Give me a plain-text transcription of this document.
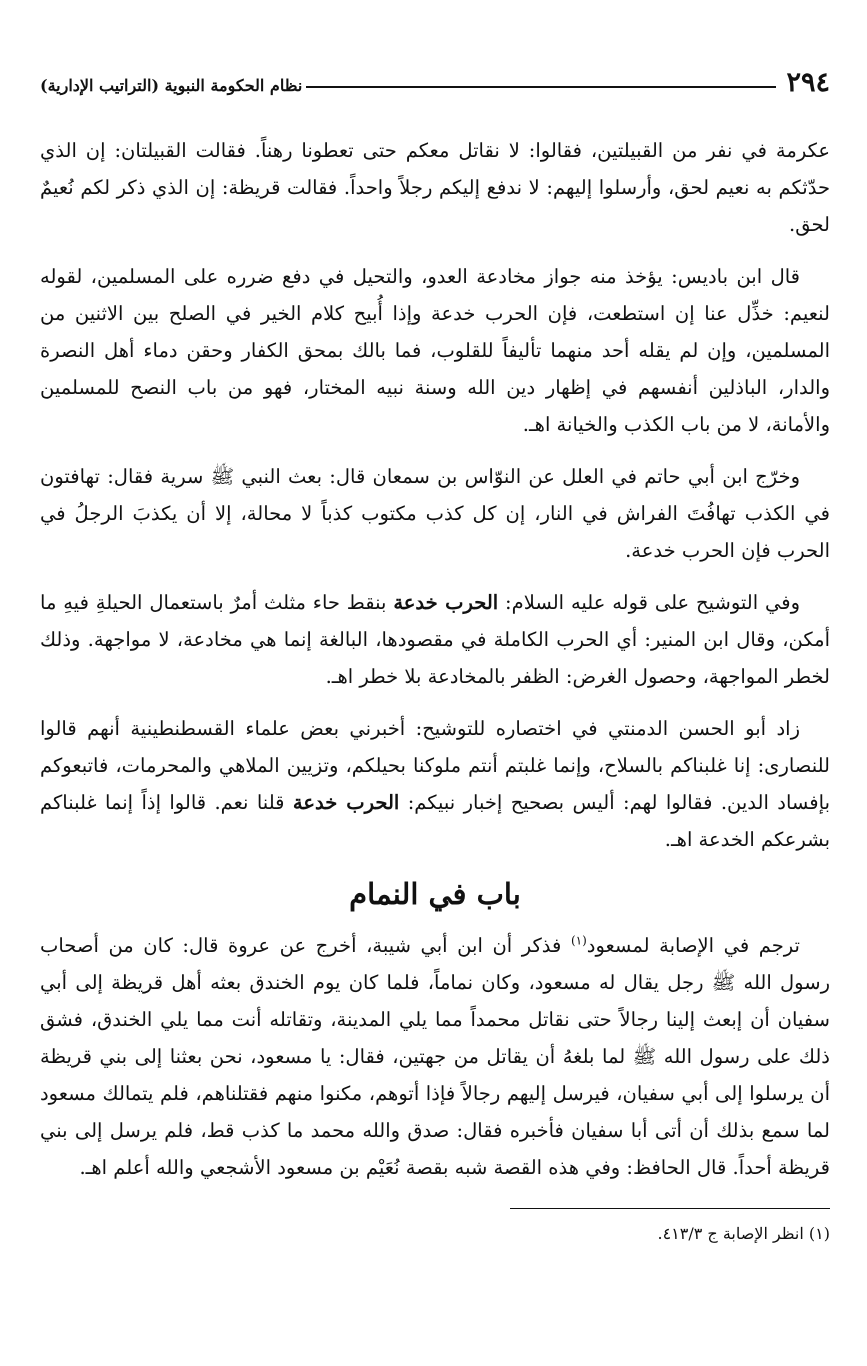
٢٩٤
نظام الحكومة النبوية (التراتيب الإدارية)

عكرمة في نفر من القبيلتين، فقالوا: لا نقاتل معكم حتى تعطونا رهناً. فقالت القبيلتان: إن الذي حدّثكم به نعيم لحق، وأرسلوا إليهم: لا ندفع إليكم رجلاً واحداً. فقالت قريظة: إن الذي ذكر لكم نُعيمٌ لحق.

قال ابن باديس: يؤخذ منه جواز مخادعة العدو، والتحيل في دفع ضرره على المسلمين، لقوله لنعيم: خذِّل عنا إن استطعت، فإن الحرب خدعة وإذا أُبيح كلام الخير في الصلح بين الاثنين من المسلمين، وإن لم يقله أحد منهما تأليفاً للقلوب، فما بالك بمحق الكفار وحقن دماء أهل النصرة والدار، الباذلين أنفسهم في إظهار دين الله وسنة نبيه المختار، فهو من باب النصح للمسلمين والأمانة، لا من باب الكذب والخيانة اهـ.

وخرّج ابن أبي حاتم في العلل عن النوّاس بن سمعان قال: بعث النبي ﷺ سرية فقال: تهافتون في الكذب تهافُتَ الفراش في النار، إن كل كذب مكتوب كذباً لا محالة، إلا أن يكذبَ الرجلُ في الحرب فإن الحرب خدعة.

وفي التوشيح على قوله عليه السلام: الحرب خدعة بنقط حاء مثلث أمرٌ باستعمال الحيلةِ فيهِ ما أمكن، وقال ابن المنير: أي الحرب الكاملة في مقصودها، البالغة إنما هي مخادعة، لا مواجهة. وذلك لخطر المواجهة، وحصول الغرض: الظفر بالمخادعة بلا خطر اهـ.

زاد أبو الحسن الدمنتي في اختصاره للتوشيح: أخبرني بعض علماء القسطنطينية أنهم قالوا للنصارى: إنا غلبناكم بالسلاح، وإنما غلبتم أنتم ملوكنا بحيلكم، وتزيين الملاهي والمحرمات، فاتبعوكم بإفساد الدين. فقالوا لهم: أليس بصحيح إخبار نبيكم: الحرب خدعة قلنا نعم. قالوا إذاً إنما غلبناكم بشرعكم الخدعة اهـ.

باب في النمام

ترجم في الإصابة لمسعود$^{(١)}$ فذكر أن ابن أبي شيبة، أخرج عن عروة قال: كان من أصحاب رسول الله ﷺ رجل يقال له مسعود، وكان نماماً، فلما كان يوم الخندق بعثه أهل قريظة إلى أبي سفيان أن إبعث إلينا رجالاً حتى نقاتل محمداً مما يلي المدينة، وتقاتله أنت مما يلي الخندق، فشق ذلك على رسول الله ﷺ لما بلغهُ أن يقاتل من جهتين، فقال: يا مسعود، نحن بعثنا إلى بني قريظة أن يرسلوا إلى أبي سفيان، فيرسل إليهم رجالاً فإذا أتوهم، مكنوا منهم فقتلناهم، فلم يتمالك مسعود لما سمع بذلك أن أتى أبا سفيان فأخبره فقال: صدق والله محمد ما كذب قط، فلم يرسل إلى بني قريظة أحداً. قال الحافظ: وفي هذه القصة شبه بقصة نُعَيْم بن مسعود الأشجعي والله أعلم اهـ.

(١) انظر الإصابة ج ٤١٣/٣.
